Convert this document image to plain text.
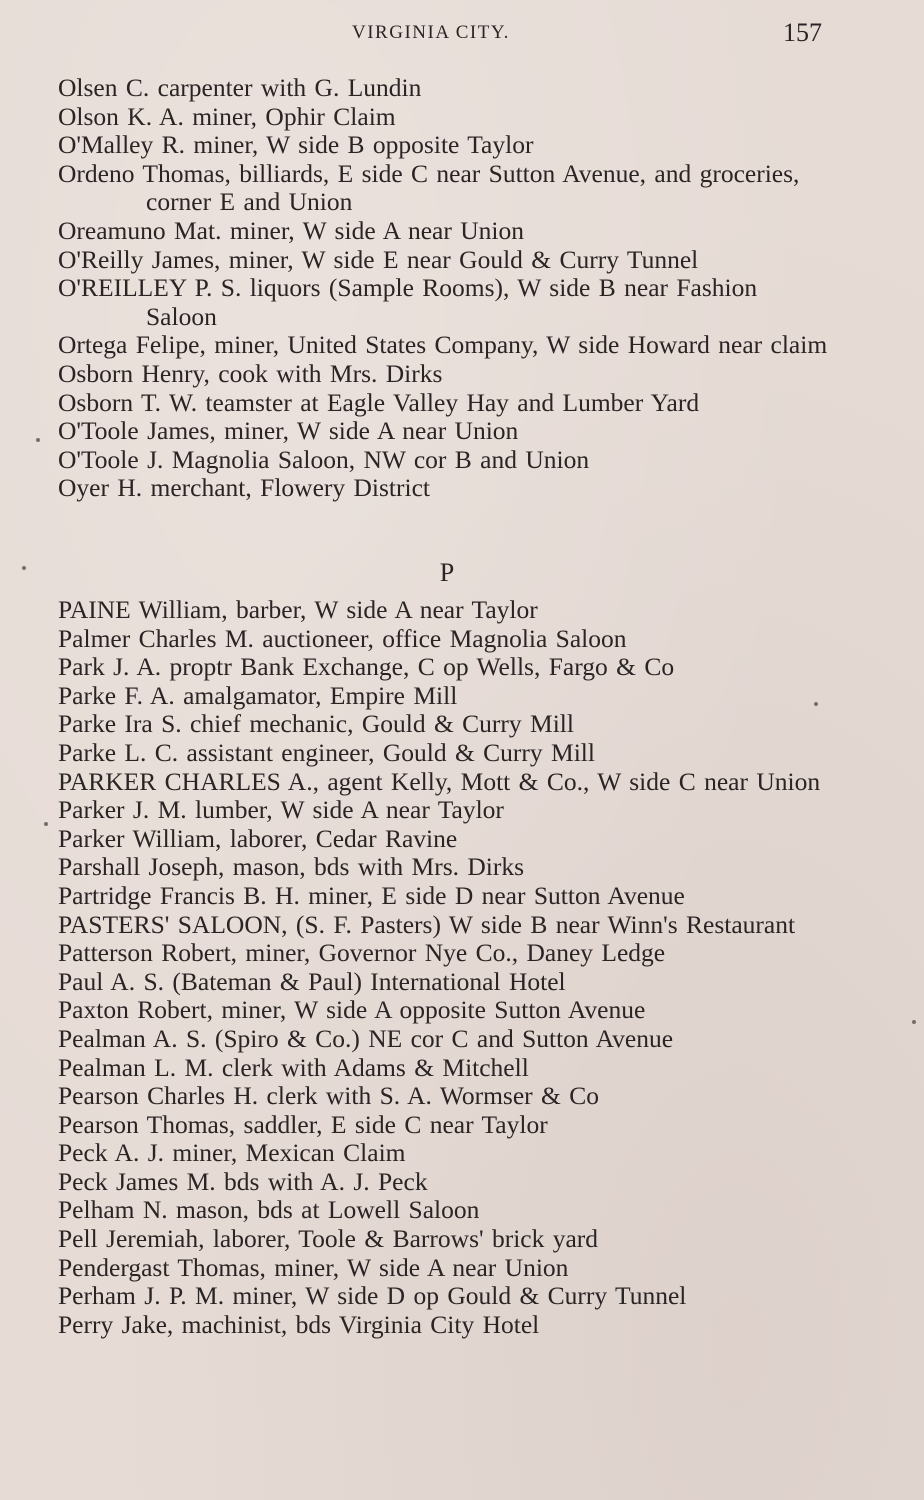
VIRGINIA CITY.	157
Olsen C. carpenter with G. Lundin
Olson K. A. miner, Ophir Claim
O'Malley R. miner, W side B opposite Taylor
Ordeno Thomas, billiards, E side C near Sutton Avenue, and groceries, corner E and Union
Oreamuno Mat. miner, W side A near Union
O'Reilly James, miner, W side E near Gould & Curry Tunnel
O'REILLEY P. S. liquors (Sample Rooms), W side B near Fashion Saloon
Ortega Felipe, miner, United States Company, W side Howard near claim
Osborn Henry, cook with Mrs. Dirks
Osborn T. W. teamster at Eagle Valley Hay and Lumber Yard
O'Toole James, miner, W side A near Union
O'Toole J. Magnolia Saloon, NW cor B and Union
Oyer H. merchant, Flowery District
P
PAINE William, barber, W side A near Taylor
Palmer Charles M. auctioneer, office Magnolia Saloon
Park J. A. proptr Bank Exchange, C op Wells, Fargo & Co
Parke F. A. amalgamator, Empire Mill
Parke Ira S. chief mechanic, Gould & Curry Mill
Parke L. C. assistant engineer, Gould & Curry Mill
PARKER CHARLES A., agent Kelly, Mott & Co., W side C near Union
Parker J. M. lumber, W side A near Taylor
Parker William, laborer, Cedar Ravine
Parshall Joseph, mason, bds with Mrs. Dirks
Partridge Francis B. H. miner, E side D near Sutton Avenue
PASTERS' SALOON, (S. F. Pasters) W side B near Winn's Restaurant
Patterson Robert, miner, Governor Nye Co., Daney Ledge
Paul A. S. (Bateman & Paul) International Hotel
Paxton Robert, miner, W side A opposite Sutton Avenue
Pealman A. S. (Spiro & Co.) NE cor C and Sutton Avenue
Pealman L. M. clerk with Adams & Mitchell
Pearson Charles H. clerk with S. A. Wormser & Co
Pearson Thomas, saddler, E side C near Taylor
Peck A. J. miner, Mexican Claim
Peck James M. bds with A. J. Peck
Pelham N. mason, bds at Lowell Saloon
Pell Jeremiah, laborer, Toole & Barrows' brick yard
Pendergast Thomas, miner, W side A near Union
Perham J. P. M. miner, W side D op Gould & Curry Tunnel
Perry Jake, machinist, bds Virginia City Hotel
